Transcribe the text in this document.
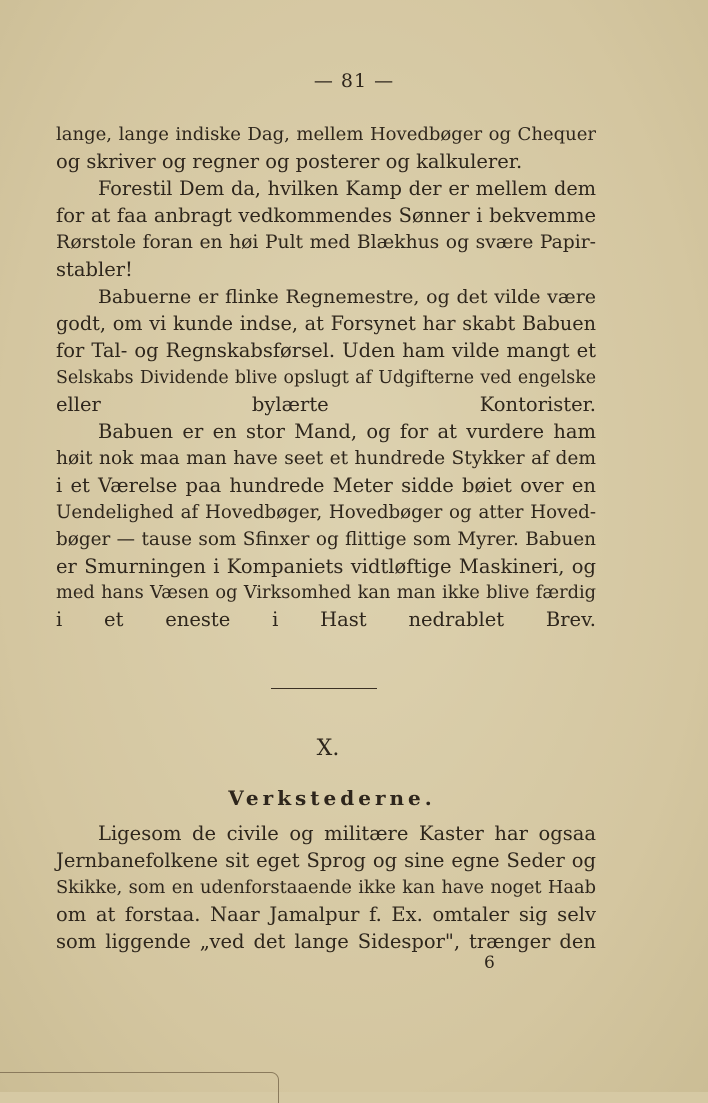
— 81 —
lange, lange indiske Dag, mellem Hovedbøger og Chequer
og skriver og regner og posterer og kalkulerer.
Forestil Dem da, hvilken Kamp der er mellem dem
for at faa anbragt vedkommendes Sønner i bekvemme
Rørstole foran en høi Pult med Blækhus og svære Papir-
stabler!
Babuerne er flinke Regnemestre, og det vilde være
godt, om vi kunde indse, at Forsynet har skabt Babuen
for Tal- og Regnskabsførsel. Uden ham vilde mangt et
Selskabs Dividende blive opslugt af Udgifterne ved engelske
eller bylærte Kontorister.
Babuen er en stor Mand, og for at vurdere ham
høit nok maa man have seet et hundrede Stykker af dem
i et Værelse paa hundrede Meter sidde bøiet over en
Uendelighed af Hovedbøger, Hovedbøger og atter Hoved-
bøger — tause som Sfinxer og flittige som Myrer. Babuen
er Smurningen i Kompaniets vidtløftige Maskineri, og
med hans Væsen og Virksomhed kan man ikke blive færdig
i et eneste i Hast nedrablet Brev.
X.
Verkstederne.
Ligesom de civile og militære Kaster har ogsaa
Jernbanefolkene sit eget Sprog og sine egne Seder og
Skikke, som en udenforstaaende ikke kan have noget Haab
om at forstaa. Naar Jamalpur f. Ex. omtaler sig selv
som liggende „ved det lange Sidespor", trænger den
6
